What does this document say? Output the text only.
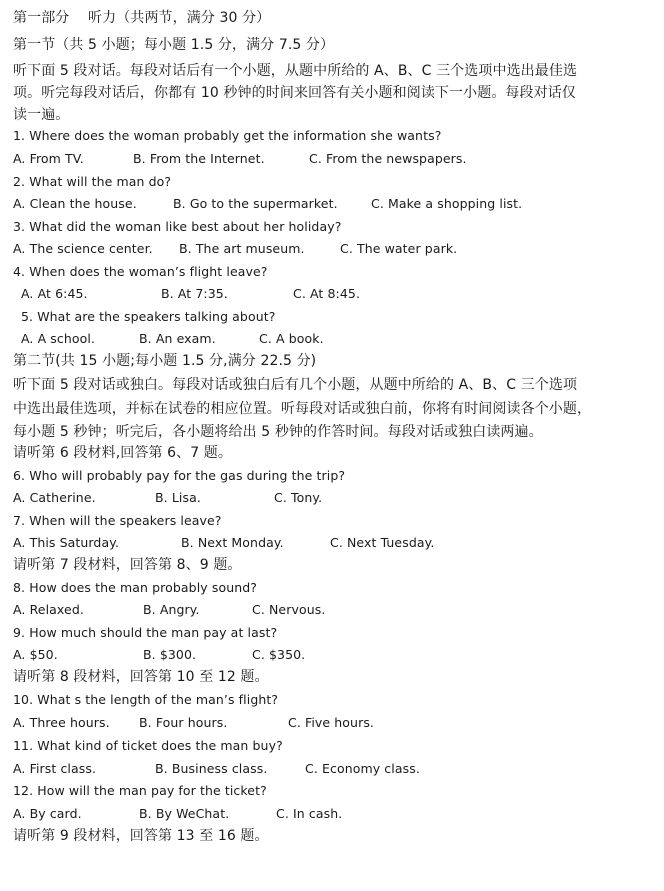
第一部分　 听力（共两节，满分 30 分）
第一节（共 5 小题；每小题 1.5 分，满分 7.5 分）
听下面 5 段对话。每段对话后有一个小题，从题中所给的 A、B、C 三个选项中选出最佳选
项。听完每段对话后，你都有 10 秒钟的时间来回答有关小题和阅读下一小题。每段对话仅
读一遍。
1. Where does the woman probably get the information she wants?
A. From TV.	B. From the Internet.	C. From the newspapers.
2. What will the man do?
A. Clean the house.	B. Go to the supermarket.	C. Make a shopping list.
3. What did the woman like best about her holiday?
A. The science center. B. The art museum.	C. The water park.
4. When does the woman’s flight leave?
A. At 6:45.	B. At 7:35.	C. At 8:45.
5. What are the speakers talking about?
A. A school.	B. An exam.	C. A book.
第二节(共 15 小题;每小题 1.5 分,满分 22.5 分)
听下面 5 段对话或独白。每段对话或独白后有几个小题，从题中所给的 A、B、C 三个选项
中选出最佳选项，并标在试卷的相应位置。听每段对话或独白前，你将有时间阅读各个小题，
每小题 5 秒钟；听完后，各小题将给出 5 秒钟的作答时间。每段对话或独白读两遍。
请听第 6 段材料,回答第 6、7 题。
6. Who will probably pay for the gas during the trip?
A. Catherine.	B. Lisa.	C. Tony.
7. When will the speakers leave?
A. This Saturday.	B. Next Monday.	C. Next Tuesday.
请听第 7 段材料，回答第 8、9 题。
8. How does the man probably sound?
A. Relaxed.	B. Angry.	C. Nervous.
9. How much should the man pay at last?
A. $50.	B. $300.	C. $350.
请听第 8 段材料，回答第 10 至 12 题。
10. What s the length of the man’s flight?
A. Three hours. B. Four hours.	C. Five hours.
11. What kind of ticket does the man buy?
A. First class.	B. Business class.	C. Economy class.
12. How will the man pay for the ticket?
A. By card.	B. By WeChat.	C. In cash.
请听第 9 段材料，回答第 13 至 16 题。
